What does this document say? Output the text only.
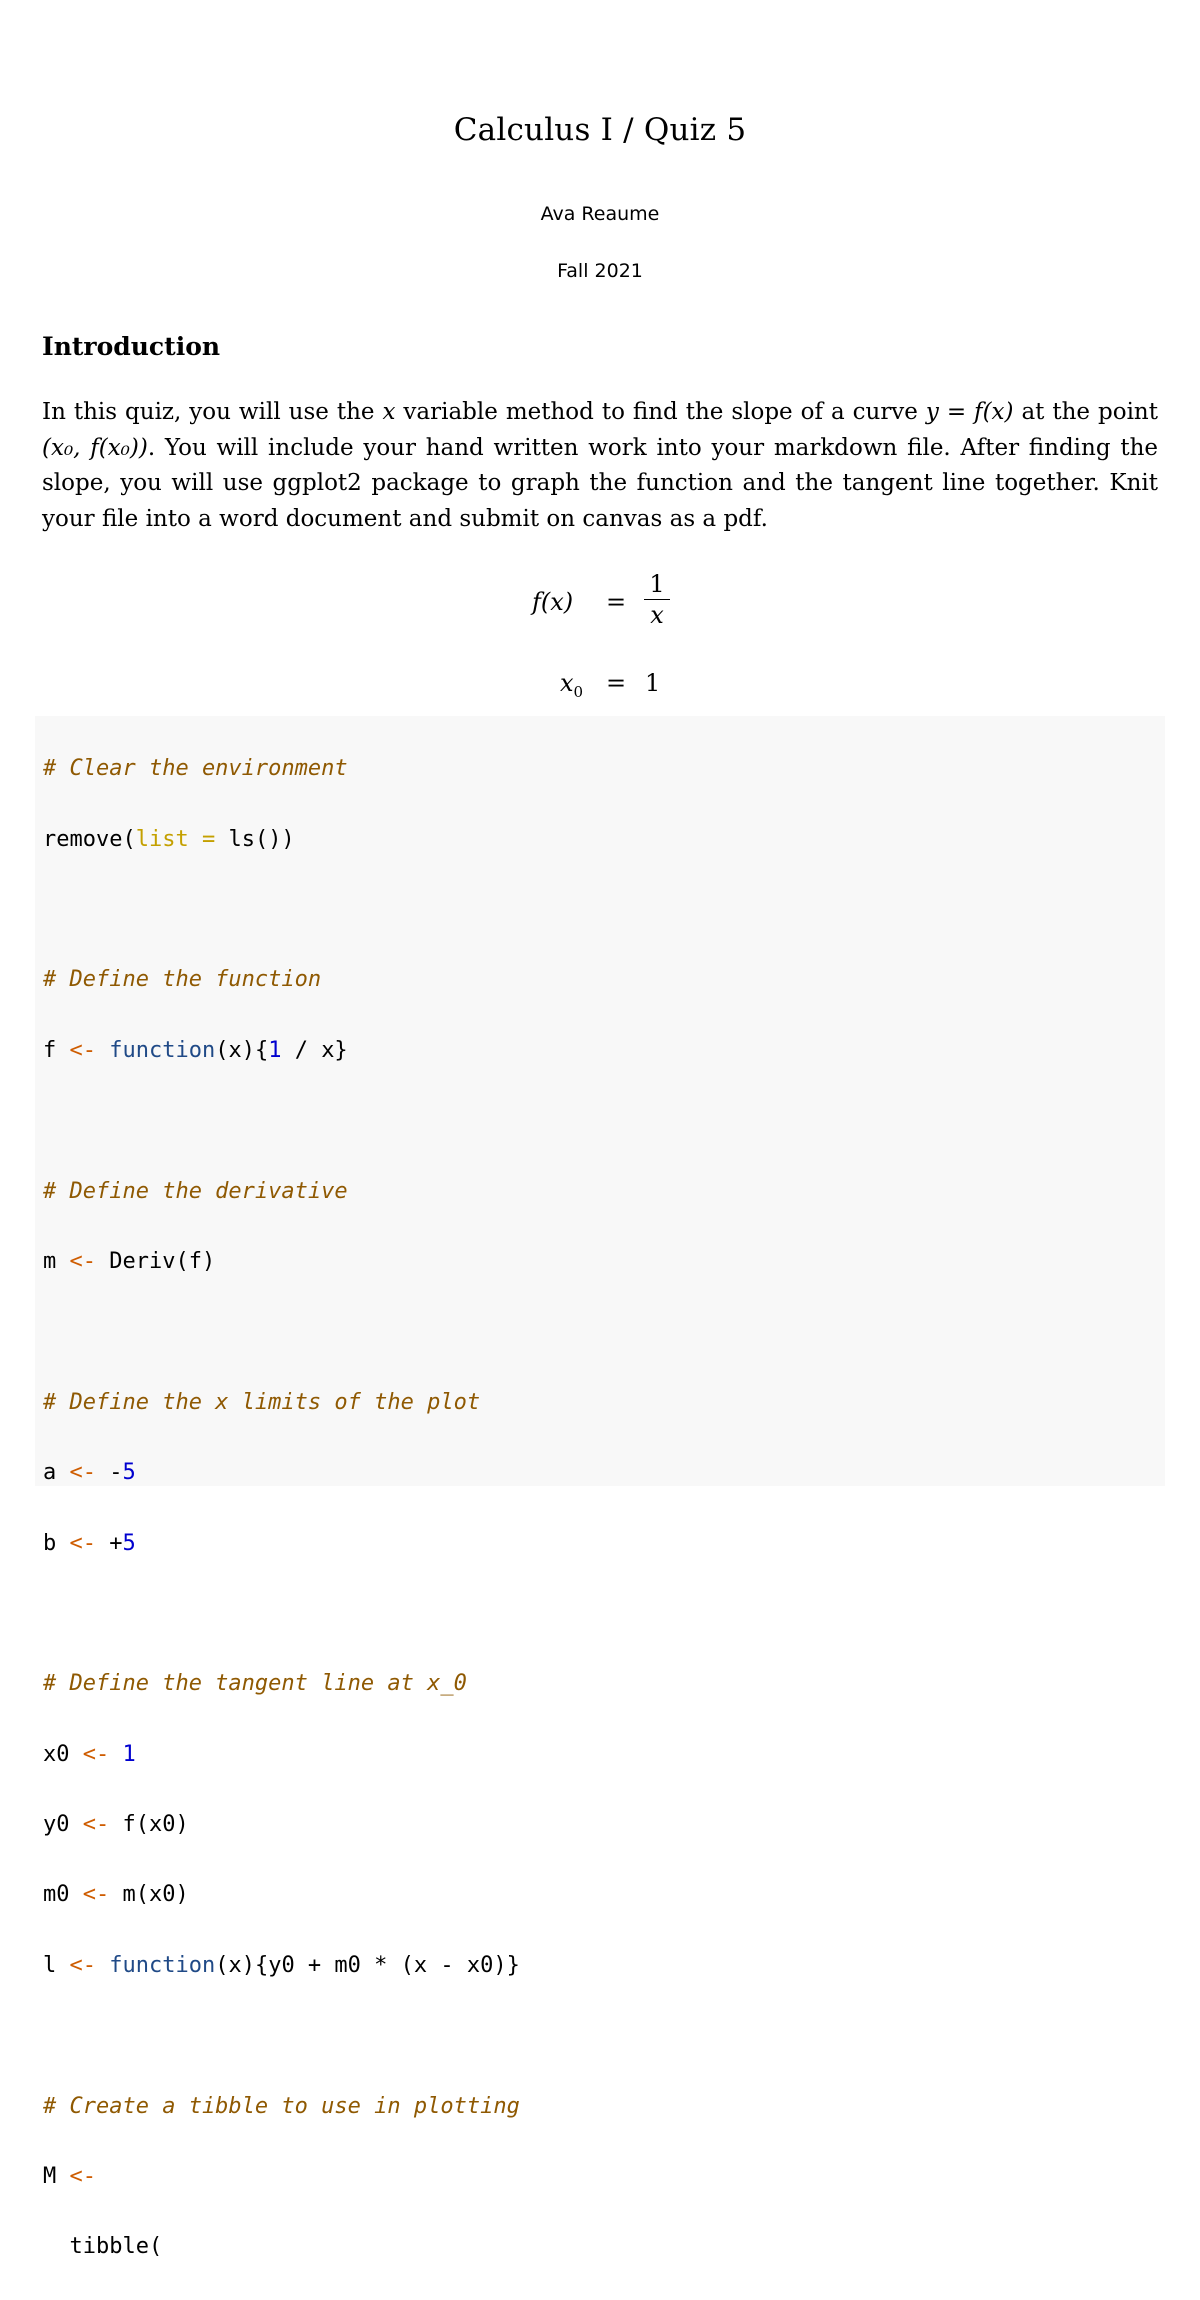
Calculus I / Quiz 5
Ava Reaume
Fall 2021
Introduction
In this quiz, you will use the x variable method to find the slope of a curve y = f(x) at the point (x₀, f(x₀)). You will include your hand written work into your markdown file. After finding the slope, you will use ggplot2 package to graph the function and the tangent line together. Knit your file into a word document and submit on canvas as a pdf.
f(x) =
1
x
$x_0 = 1$

# Clear the environment

remove(list = ls())

# Define the function

f <- function(x){1 / x}

# Define the derivative

m <- Deriv(f)

# Define the x limits of the plot

a <- -5

b <- +5

# Define the tangent line at x_0

x0 <- 1

y0 <- f(x0)

m0 <- m(x0)

l <- function(x){y0 + m0 * (x - x0)}

# Create a tibble to use in plotting

M <-

tibble(
